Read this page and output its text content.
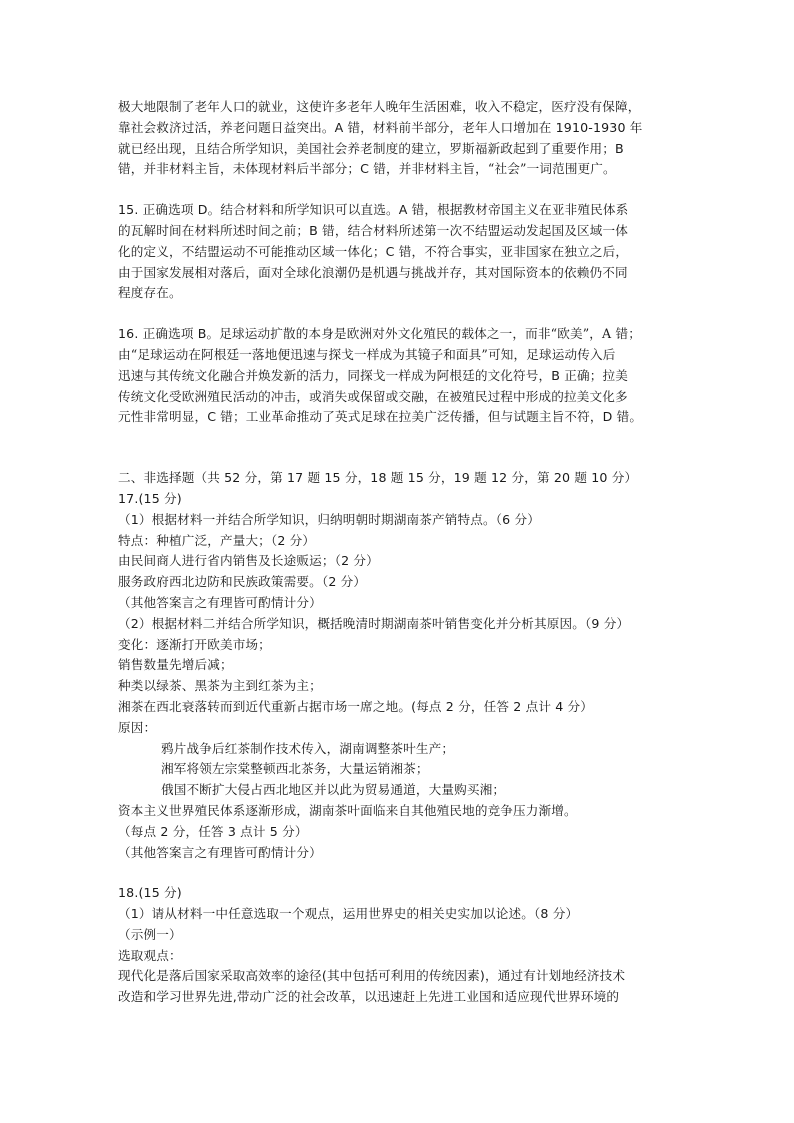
极大地限制了老年人口的就业，这使许多老年人晚年生活困难，收入不稳定，医疗没有保障，

靠社会救济过活，养老问题日益突出。A 错，材料前半部分，老年人口增加在 1910-1930 年

就已经出现，且结合所学知识，美国社会养老制度的建立，罗斯福新政起到了重要作用；B

错，并非材料主旨，未体现材料后半部分；C 错，并非材料主旨，“社会”一词范围更广。

15. 正确选项 D。结合材料和所学知识可以直选。A 错，根据教材帝国主义在亚非殖民体系

的瓦解时间在材料所述时间之前；B 错，结合材料所述第一次不结盟运动发起国及区域一体

化的定义，不结盟运动不可能推动区域一体化；C 错，不符合事实，亚非国家在独立之后，

由于国家发展相对落后，面对全球化浪潮仍是机遇与挑战并存，其对国际资本的依赖仍不同

程度存在。

16. 正确选项 B。足球运动扩散的本身是欧洲对外文化殖民的载体之一，而非“欧美”，A 错；

由“足球运动在阿根廷一落地便迅速与探戈一样成为其镜子和面具”可知，足球运动传入后

迅速与其传统文化融合并焕发新的活力，同探戈一样成为阿根廷的文化符号，B 正确；拉美

传统文化受欧洲殖民活动的冲击，或消失或保留或交融，在被殖民过程中形成的拉美文化多

元性非常明显，C 错；工业革命推动了英式足球在拉美广泛传播，但与试题主旨不符，D 错。

二、非选择题（共 52 分，第 17 题 15 分，18 题 15 分，19 题 12 分，第 20 题 10 分）

17.(15 分)

（1）根据材料一并结合所学知识，归纳明朝时期湖南茶产销特点。（6 分）

特点：种植广泛，产量大；（2 分）

由民间商人进行省内销售及长途贩运；（2 分）

服务政府西北边防和民族政策需要。（2 分）

（其他答案言之有理皆可酌情计分）

（2）根据材料二并结合所学知识，概括晚清时期湖南茶叶销售变化并分析其原因。（9 分）

变化：逐渐打开欧美市场；

销售数量先增后减；

种类以绿茶、黑茶为主到红茶为主；

湘茶在西北衰落转而到近代重新占据市场一席之地。(每点 2 分，任答 2 点计 4 分）

原因：

鸦片战争后红茶制作技术传入，湖南调整茶叶生产；

湘军将领左宗棠整顿西北茶务，大量运销湘茶；

俄国不断扩大侵占西北地区并以此为贸易通道，大量购买湘；

资本主义世界殖民体系逐渐形成，湖南茶叶面临来自其他殖民地的竞争压力渐增。

（每点 2 分，任答 3 点计 5 分）

（其他答案言之有理皆可酌情计分）

18.(15 分)

（1）请从材料一中任意选取一个观点，运用世界史的相关史实加以论述。（8 分）

（示例一）

选取观点：

现代化是落后国家采取高效率的途径(其中包括可利用的传统因素)，通过有计划地经济技术

改造和学习世界先进,带动广泛的社会改革，以迅速赶上先进工业国和适应现代世界环境的
